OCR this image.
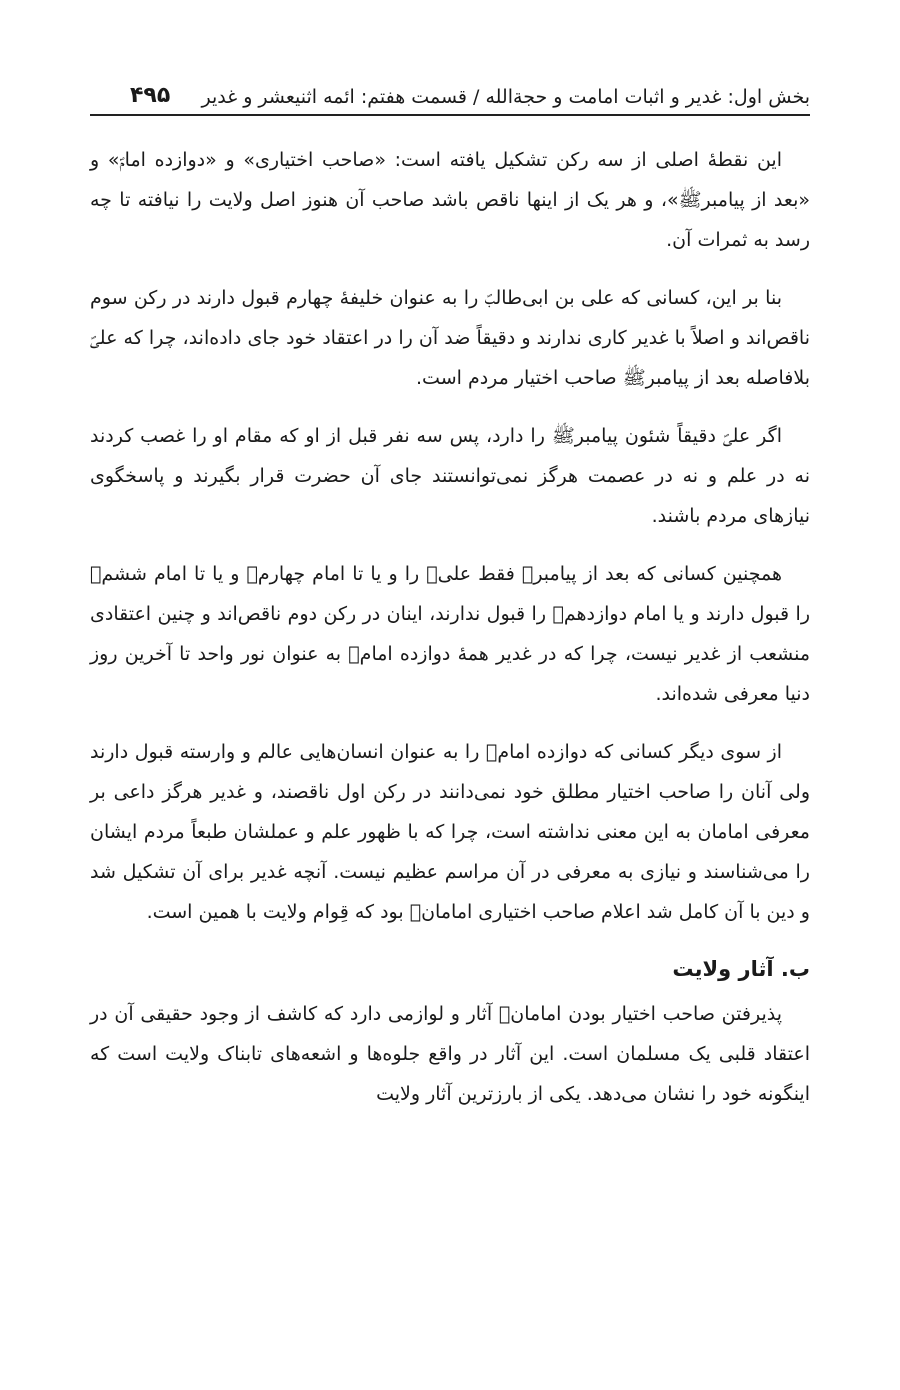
بخش اول: غدیر و اثبات امامت و حجةالله / قسمت هفتم: ائمه اثنیعشر و غدیر
۴۹۵

این نقطهٔ اصلی از سه رکن تشکیل یافته است: «صاحب اختیاری» و «دوازده امامؐ» و «بعد از پیامبرﷺ»، و هر یک از اینها ناقص باشد صاحب آن هنوز اصل ولایت را نیافته تا چه رسد به ثمرات آن.

بنا بر این، کسانی که علی بن ابی‌طالبؐ را به عنوان خلیفهٔ چهارم قبول دارند در رکن سوم ناقص‌اند و اصلاً با غدیر کاری ندارند و دقیقاً ضد آن را در اعتقاد خود جای داده‌اند، چرا که علیؐ بلافاصله بعد از پیامبرﷺ صاحب اختیار مردم است.

اگر علیؐ دقیقاً شئون پیامبرﷺ را دارد، پس سه نفر قبل از او که مقام او را غصب کردند نه در علم و نه در عصمت هرگز نمی‌توانستند جای آن حضرت قرار بگیرند و پاسخگوی نیازهای مردم باشند.

همچنین کسانی که بعد از پیامبرﷺ فقط علیؐ را و یا تا امام چهارمؐ و یا تا امام ششمؐ را قبول دارند و یا امام دوازدهمؐ را قبول ندارند، اینان در رکن دوم ناقص‌اند و چنین اعتقادی منشعب از غدیر نیست، چرا که در غدیر همهٔ دوازده امامؐ به عنوان نور واحد تا آخرین روز دنیا معرفی شده‌اند.

از سوی دیگر کسانی که دوازده امامؐ را به عنوان انسان‌هایی عالم و وارسته قبول دارند ولی آنان را صاحب اختیار مطلق خود نمی‌دانند در رکن اول ناقصند، و غدیر هرگز داعی بر معرفی امامان به این معنی نداشته است، چرا که با ظهور علم و عملشان طبعاً مردم ایشان را می‌شناسند و نیازی به معرفی در آن مراسم عظیم نیست. آنچه غدیر برای آن تشکیل شد و دین با آن کامل شد اعلام صاحب اختیاری امامانؐ بود که قِوام ولایت با همین است.

ب. آثار ولایت

پذیرفتن صاحب اختیار بودن امامانؐ آثار و لوازمی دارد که کاشف از وجود حقیقی آن در اعتقاد قلبی یک مسلمان است. این آثار در واقع جلوه‌ها و اشعه‌های تابناک ولایت است که اینگونه خود را نشان می‌دهد. یکی از بارزترین آثار ولایت
